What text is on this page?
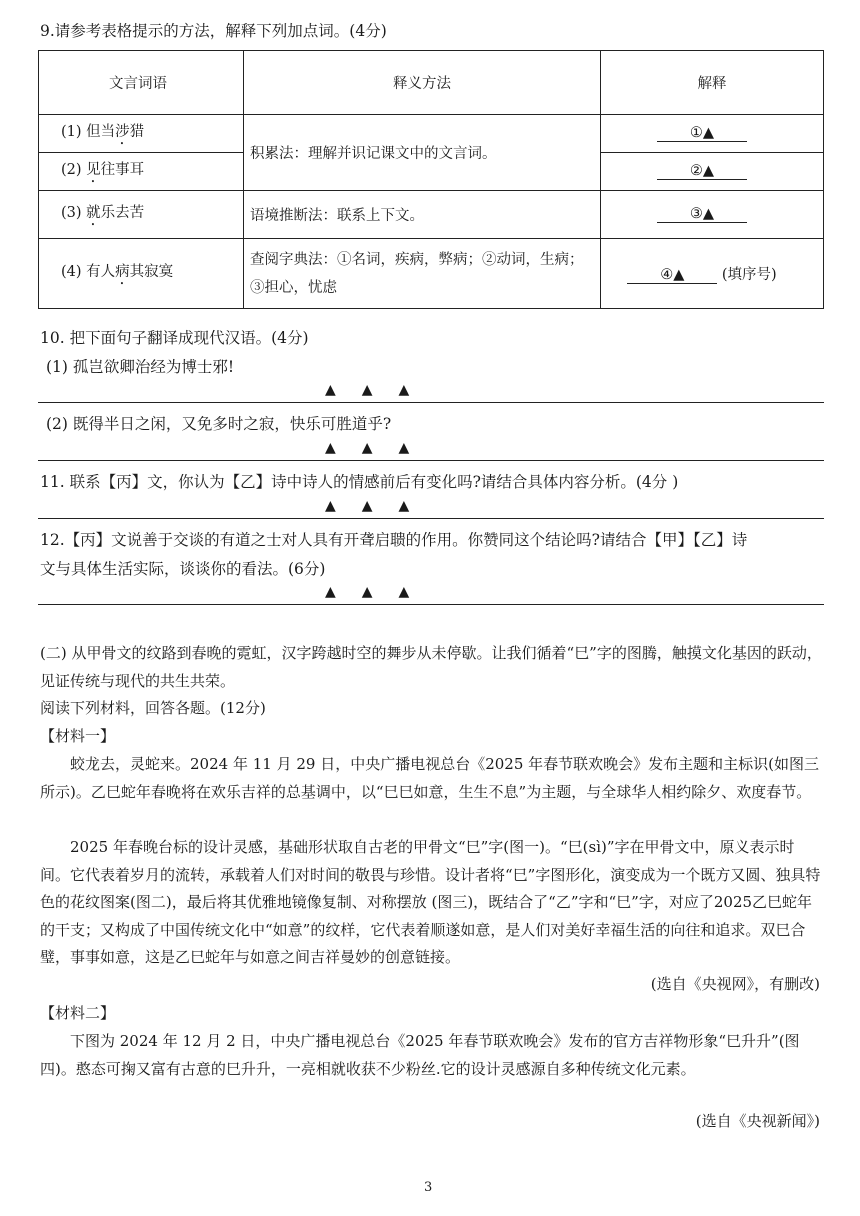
9.请参考表格提示的方法，解释下列加点词。(4分)
文言词语	释义方法	解释
(1) 但当涉猎	积累法：理解并识记课文中的文言词。	①▲
(2) 见往事耳		②▲
(3) 就乐去苦	语境推断法：联系上下文。	③▲
(4) 有人病其寂寞	查阅字典法：①名词，疾病，弊病；②动词，生病；③担心，忧虑	④▲ (填序号)
10. 把下面句子翻译成现代汉语。(4分)
(1) 孤岂欲卿治经为博士邪!
▲▲▲
(2) 既得半日之闲，又免多时之寂，快乐可胜道乎?
▲▲▲
11. 联系【丙】文，你认为【乙】诗中诗人的情感前后有变化吗?请结合具体内容分析。(4分 )
▲▲▲
12.【丙】文说善于交谈的有道之士对人具有开聋启聩的作用。你赞同这个结论吗?请结合【甲】【乙】诗
文与具体生活实际，谈谈你的看法。(6分)
▲▲▲
(二) 从甲骨文的纹路到春晚的霓虹，汉字跨越时空的舞步从未停歇。让我们循着“巳”字的图腾，触摸文化基因的跃动，见证传统与现代的共生共荣。
阅读下列材料，回答各题。(12分)
【材料一】
蛟龙去，灵蛇来。2024 年 11 月 29 日，中央广播电视总台《2025 年春节联欢晚会》发布主题和主标识(如图三所示)。乙巳蛇年春晚将在欢乐吉祥的总基调中，以“巳巳如意，生生不息”为主题，与全球华人相约除夕、欢度春节。
2025 年春晚台标的设计灵感，基础形状取自古老的甲骨文“巳”字(图一)。“巳(sì)”字在甲骨文中，原义表示时间。它代表着岁月的流转，承载着人们对时间的敬畏与珍惜。设计者将“巳”字图形化，演变成为一个既方又圆、独具特色的花纹图案(图二)，最后将其优雅地镜像复制、对称摆放 (图三)，既结合了“乙”字和“巳”字，对应了2025乙巳蛇年的干支；又构成了中国传统文化中“如意”的纹样，它代表着顺遂如意，是人们对美好幸福生活的向往和追求。双巳合璧，事事如意，这是乙巳蛇年与如意之间吉祥曼妙的创意链接。
(选自《央视网》，有删改)
【材料二】
下图为 2024 年 12 月 2 日，中央广播电视总台《2025 年春节联欢晚会》发布的官方吉祥物形象“巳升升”(图四)。憨态可掬又富有古意的巳升升，一亮相就收获不少粉丝.它的设计灵感源自多种传统文化元素。
(选自《央视新闻》)
3
